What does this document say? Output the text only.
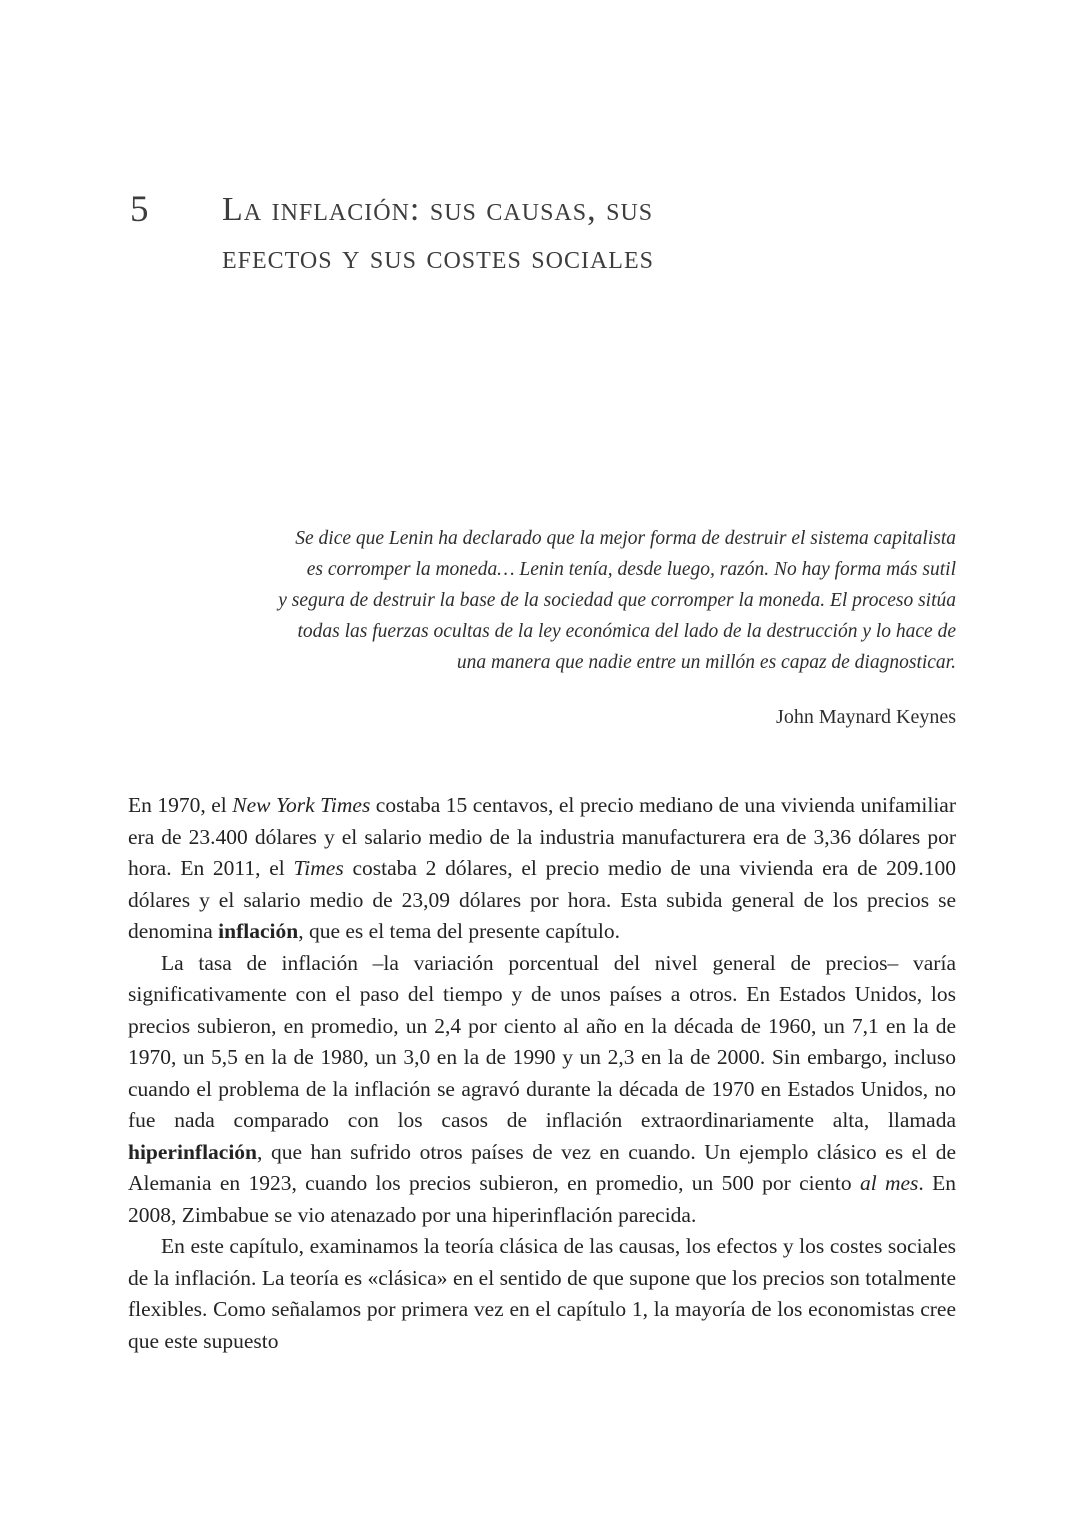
5 La inflación: sus causas, sus
efectos y sus costes sociales
Se dice que Lenin ha declarado que la mejor forma de destruir el sistema capitalista
es corromper la moneda… Lenin tenía, desde luego, razón. No hay forma más sutil
y segura de destruir la base de la sociedad que corromper la moneda. El proceso sitúa
todas las fuerzas ocultas de la ley económica del lado de la destrucción y lo hace de
una manera que nadie entre un millón es capaz de diagnosticar.
John Maynard Keynes

En 1970, el New York Times costaba 15 centavos, el precio mediano de una vivienda unifamiliar era de 23.400 dólares y el salario medio de la industria manufacturera era de 3,36 dólares por hora. En 2011, el Times costaba 2 dólares, el precio medio de una vivienda era de 209.100 dólares y el salario medio de 23,09 dólares por hora. Esta subida general de los precios se denomina inflación, que es el tema del presente capítulo.

La tasa de inflación –la variación porcentual del nivel general de precios– varía significativamente con el paso del tiempo y de unos países a otros. En Estados Unidos, los precios subieron, en promedio, un 2,4 por ciento al año en la década de 1960, un 7,1 en la de 1970, un 5,5 en la de 1980, un 3,0 en la de 1990 y un 2,3 en la de 2000. Sin embargo, incluso cuando el problema de la inflación se agravó durante la década de 1970 en Estados Unidos, no fue nada comparado con los casos de inflación extraordinariamente alta, llamada hiperinflación, que han sufrido otros países de vez en cuando. Un ejemplo clásico es el de Alemania en 1923, cuando los precios subieron, en promedio, un 500 por ciento al mes. En 2008, Zimbabue se vio atenazado por una hiperinflación parecida.

En este capítulo, examinamos la teoría clásica de las causas, los efectos y los costes sociales de la inflación. La teoría es «clásica» en el sentido de que supone que los precios son totalmente flexibles. Como señalamos por primera vez en el capítulo 1, la mayoría de los economistas cree que este supuesto
